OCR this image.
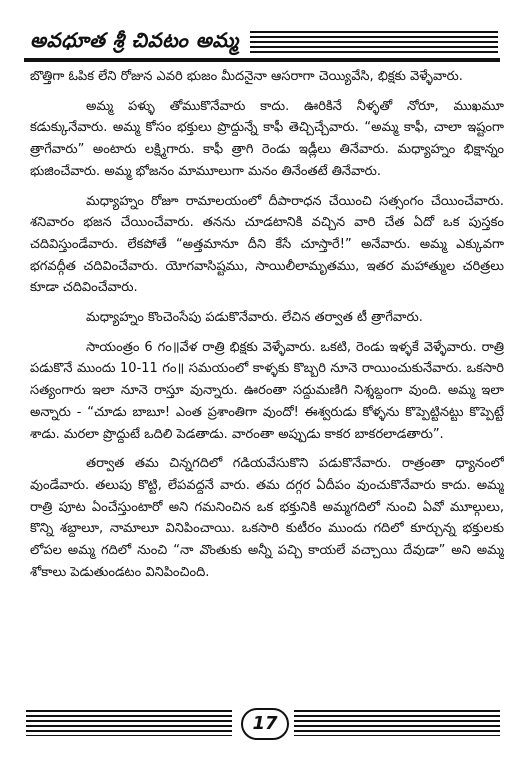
అవధూత శ్రీ చివటం అమ్మ

బొత్తిగా ఓపిక లేని రోజున ఎవరి భుజం మీదనైనా ఆసరాగా చెయ్యివేసి, భిక్షకు వెళ్ళేవారు.

అమ్మ పళ్ళు తోముకొనేవారు కాదు. ఊరికినే నీళ్ళతో నోరూ, ముఖమూ కడుక్కునేవారు. అమ్మ కోసం భక్తులు ప్రొద్దున్నే కాఫీ తెచ్చిచ్చేవారు. “అమ్మ కాఫీ, చాలా ఇష్టంగా త్రాగేవారు” అంటారు లక్ష్మిగారు. కాఫీ త్రాగి రెండు ఇడ్లీలు తినేవారు. మధ్యాహ్నం భిక్షాన్నం భుజించేవారు. అమ్మ భోజనం మామూలుగా మనం తినేంతటే తినేవారు.

మధ్యాహ్నం రోజూ రామాలయంలో దీపారాధన చేయించి సత్సంగం చేయించేవారు. శనివారం భజన చేయించేవారు. తనను చూడటానికి వచ్చిన వారి చేత ఏదో ఒక పుస్తకం చదివిస్తుండేవారు. లేకపోతే “అత్తమానూ దీని కేసే చూస్తారే!” అనేవారు. అమ్మ ఎక్కువగా భగవద్గీత చదివించేవారు. యోగవాసిష్టము, సాయిలీలామృతము, ఇతర మహాత్ముల చరిత్రలు కూడా చదివించేవారు.

మధ్యాహ్నం కొంచెంసేపు పడుకొనేవారు. లేచిన తర్వాత టీ త్రాగేవారు.

సాయంత్రం 6 గం॥వేళ రాత్రి భిక్షకు వెళ్ళేవారు. ఒకటి, రెండు ఇళ్ళకే వెళ్ళేవారు. రాత్రి పడుకొనే ముందు 10-11 గం॥ సమయంలో కాళ్ళకు కొబ్బరి నూనె రాయించుకునేవారు. ఒకసారి సత్యంగారు ఇలా నూనె రాస్తూ వున్నారు. ఊరంతా సద్దుమణిగి నిశ్శబ్దంగా వుంది. అమ్మ ఇలా అన్నారు - “చూడు బాబూ! ఎంత ప్రశాంతిగా వుందో! ఈశ్వరుడు కోళ్ళను కొప్పెట్టినట్టు కొప్పెట్టే శాడు. మరలా ప్రొద్దుటే ఒదిలి పెడతాడు. వారంతా అప్పుడు కాకర బాకరలాడతారు”.

తర్వాత తమ చిన్నగదిలో గడియవేసుకొని పడుకొనేవారు. రాత్రంతా ధ్యానంలో వుండేవారు. తలుపు కొట్టి, లేపవద్దనే వారు. తమ దగ్గర ఏదీపం వుంచుకొనేవారు కాదు. అమ్మ రాత్రి పూట ఏంచేస్తుంటారో అని గమనించిన ఒక భక్తునికి అమ్మగదిలో నుంచి ఏవో మూల్గులు, కొన్ని శబ్దాలూ, నామాలూ వినిపించాయి. ఒకసారి కుటీరం ముందు గదిలో కూర్చున్న భక్తులకు లోపల అమ్మ గదిలో నుంచి “నా వొంతుకు అన్నీ పచ్చి కాయలే వచ్చాయి దేవుడా” అని అమ్మ శోకాలు పెడుతుండటం వినిపించింది.

17
